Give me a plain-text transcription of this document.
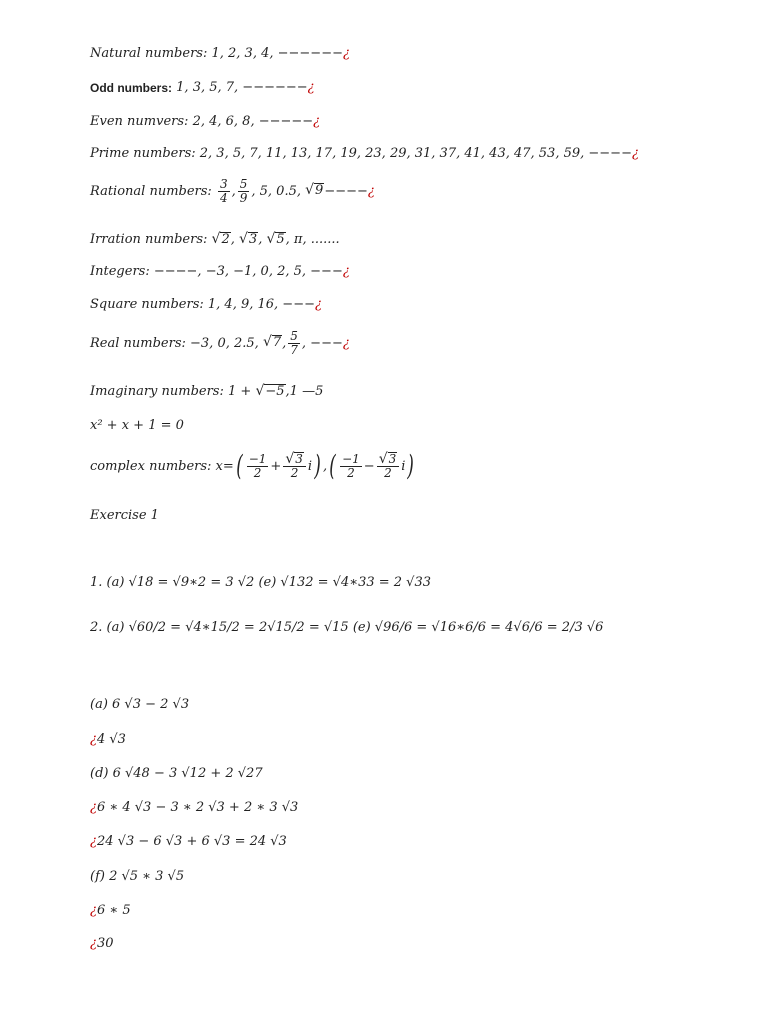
Natural numbers:
1, 2, 3, 4, −−−−−− ¿
Odd numbers:
1, 3, 5, 7, −−−−−− ¿
Even numvers:
2, 4, 6, 8, −−−−− ¿
Prime numbers:
2, 3, 5, 7, 11, 13, 17, 19, 23, 29, 31, 37, 41, 43, 47, 53, 59, −−−− ¿
Rational numbers:
$\frac{3}{4}$ , $\frac{5}{9}$ , 5, 0.5,
√ 9 −−−− ¿
Irration numbers:
√ 2 , √ 3 , √ 5 , π, .......
Integers:
−−−−, −3, −1, 0, 2, 5, −−− ¿
Square numbers:
1, 4, 9, 16, −−− ¿
Real numbers:
−3, 0, 2.5,
√ 7 , $\frac{5}{7}$ , −−− ¿
Imaginary numbers:
1 +
√ −5 ,1 —5
x² + x + 1 = 0
complex numbers: x= ( $\frac{-1}{2} + \frac{√ 3}{2}$ i ) , ( $\frac{-1}{2} - \frac{√ 3}{2}$ i )
Exercise 1
1. (a) √18 = √9∗2 = 3 √2 (e) √132 = √4∗33 = 2 √33
2. (a)
√60/2 = √4∗15/2 = 2√15/2 = √15 (e) √96/6 = √16∗6/6 = 4√6/6 = 2/3 √6
(a) 6 √3 − 2 √3
¿ 4 √3
(d) 6 √48 − 3 √12 + 2 √27
¿ 6 ∗ 4 √3 − 3 ∗ 2 √3 + 2 ∗ 3 √3
¿ 24 √3 − 6 √3 + 6 √3 = 24 √3
(f) 2 √5 ∗ 3 √5
¿ 6 ∗ 5
¿ 30
